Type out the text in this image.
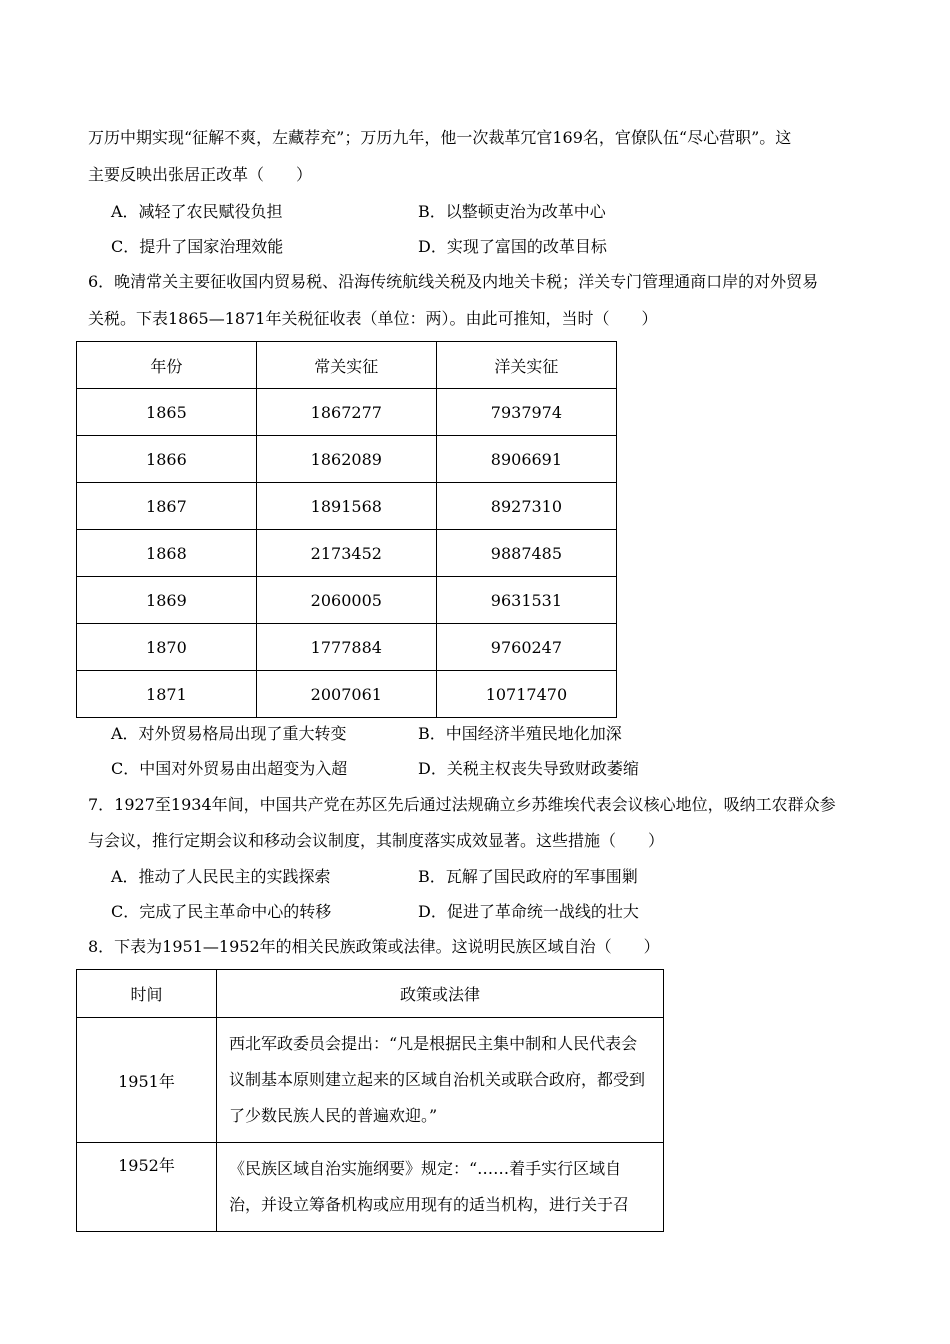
万历中期实现“征解不爽，左藏荐充”；万历九年，他一次裁革冗官169名，官僚队伍“尽心营职”。这
主要反映出张居正改革（　　）
A．减轻了农民赋役负担	B．以整顿吏治为改革中心
C．提升了国家治理效能	D．实现了富国的改革目标
6．晚清常关主要征收国内贸易税、沿海传统航线关税及内地关卡税；洋关专门管理通商口岸的对外贸易
关税。下表1865—1871年关税征收表（单位：两）。由此可推知，当时（　　）
年份	常关实征	洋关实征
1865	1867277	7937974
1866	1862089	8906691
1867	1891568	8927310
1868	2173452	9887485
1869	2060005	9631531
1870	1777884	9760247
1871	2007061	10717470
A．对外贸易格局出现了重大转变	B．中国经济半殖民地化加深
C．中国对外贸易由出超变为入超	D．关税主权丧失导致财政萎缩
7．1927至1934年间，中国共产党在苏区先后通过法规确立乡苏维埃代表会议核心地位，吸纳工农群众参
与会议，推行定期会议和移动会议制度，其制度落实成效显著。这些措施（　　）
A．推动了人民民主的实践探索	B．瓦解了国民政府的军事围剿
C．完成了民主革命中心的转移	D．促进了革命统一战线的壮大
8．下表为1951—1952年的相关民族政策或法律。这说明民族区域自治（　　）
时间	政策或法律
1951年	西北军政委员会提出：“凡是根据民主集中制和人民代表会议制基本原则建立起来的区域自治机关或联合政府，都受到了少数民族人民的普遍欢迎。”
1952年	《民族区域自治实施纲要》规定：“……着手实行区域自治，并设立筹备机构或应用现有的适当机构，进行关于召
